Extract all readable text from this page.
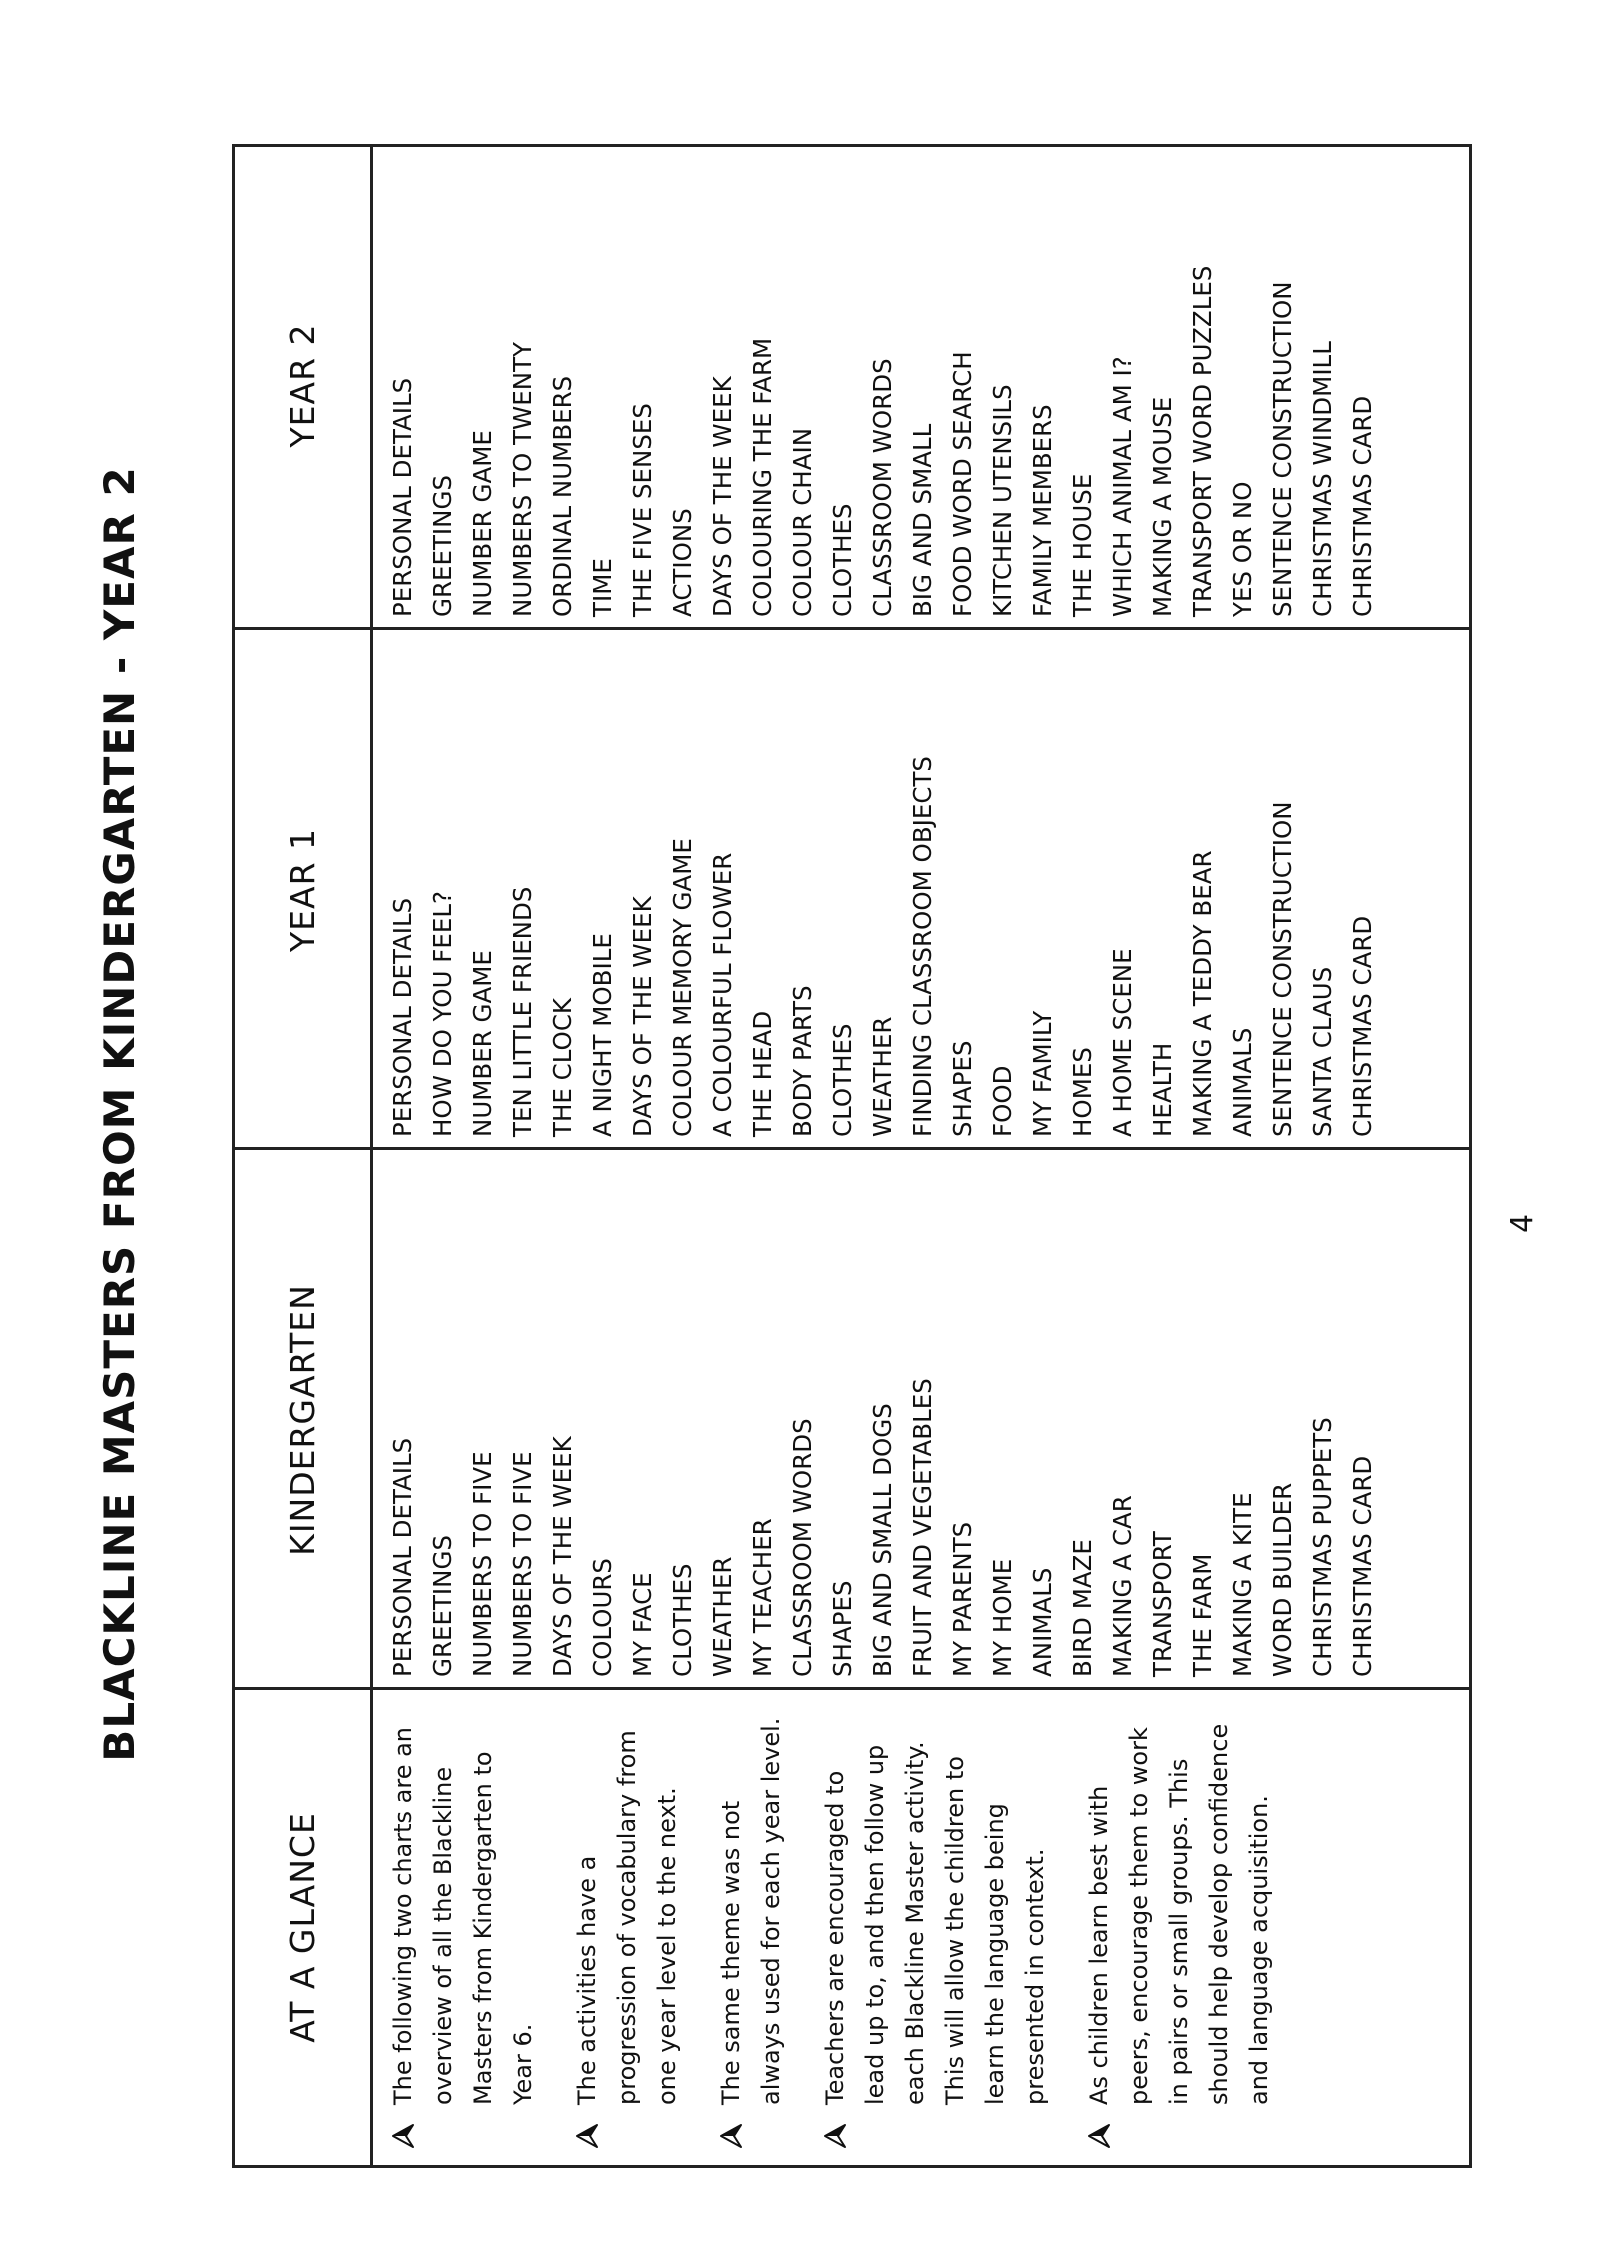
BLACKLINE MASTERS FROM KINDERGARTEN - YEAR 2
AT A GLANCE
KINDERGARTEN
YEAR 1
YEAR 2
The following two charts are an overview of all the Blackline Masters from Kindergarten to Year 6. The activities have a progression of vocabulary from one year level to the next. The same theme was not always used for each year level. Teachers are encouraged to lead up to, and then follow up each Blackline Master activity. This will allow the children to learn the language being presented in context. As children learn best with peers, encourage them to work in pairs or small groups. This should help develop confidence and language acquisition.
PERSONAL DETAILS GREETINGS NUMBERS TO FIVE NUMBERS TO FIVE DAYS OF THE WEEK COLOURS MY FACE CLOTHES WEATHER MY TEACHER CLASSROOM WORDS SHAPES BIG AND SMALL DOGS FRUIT AND VEGETABLES MY PARENTS MY HOME ANIMALS BIRD MAZE MAKING A CAR TRANSPORT THE FARM MAKING A KITE WORD BUILDER CHRISTMAS PUPPETS CHRISTMAS CARD
PERSONAL DETAILS HOW DO YOU FEEL? NUMBER GAME TEN LITTLE FRIENDS THE CLOCK A NIGHT MOBILE DAYS OF THE WEEK COLOUR MEMORY GAME A COLOURFUL FLOWER THE HEAD BODY PARTS CLOTHES WEATHER FINDING CLASSROOM OBJECTS SHAPES FOOD MY FAMILY HOMES A HOME SCENE HEALTH MAKING A TEDDY BEAR ANIMALS SENTENCE CONSTRUCTION SANTA CLAUS CHRISTMAS CARD
PERSONAL DETAILS GREETINGS NUMBER GAME NUMBERS TO TWENTY ORDINAL NUMBERS TIME THE FIVE SENSES ACTIONS DAYS OF THE WEEK COLOURING THE FARM COLOUR CHAIN CLOTHES CLASSROOM WORDS BIG AND SMALL FOOD WORD SEARCH KITCHEN UTENSILS FAMILY MEMBERS THE HOUSE WHICH ANIMAL AM I? MAKING A MOUSE TRANSPORT WORD PUZZLES YES OR NO SENTENCE CONSTRUCTION CHRISTMAS WINDMILL CHRISTMAS CARD
4
